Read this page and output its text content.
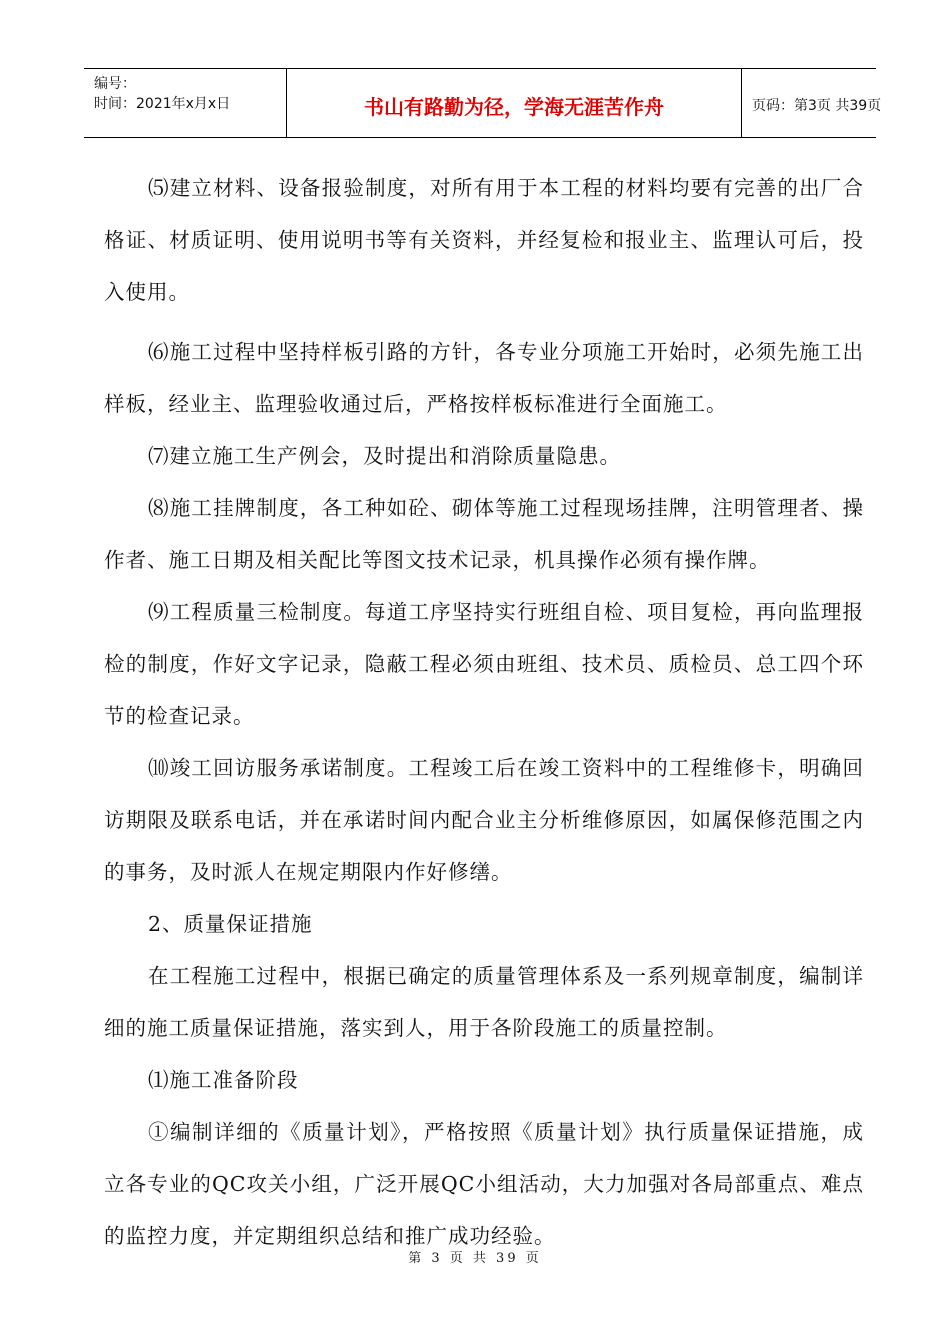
编号：
时间：2021年x月x日	书山有路勤为径，学海无涯苦作舟	页码：第3页 共39页

⑸建立材料、设备报验制度，对所有用于本工程的材料均要有完善的出厂合格证、材质证明、使用说明书等有关资料，并经复检和报业主、监理认可后，投入使用。

⑹施工过程中坚持样板引路的方针，各专业分项施工开始时，必须先施工出样板，经业主、监理验收通过后，严格按样板标准进行全面施工。

⑺建立施工生产例会，及时提出和消除质量隐患。

⑻施工挂牌制度，各工种如砼、砌体等施工过程现场挂牌，注明管理者、操作者、施工日期及相关配比等图文技术记录，机具操作必须有操作牌。

⑼工程质量三检制度。每道工序坚持实行班组自检、项目复检，再向监理报检的制度，作好文字记录，隐蔽工程必须由班组、技术员、质检员、总工四个环节的检查记录。

⑽竣工回访服务承诺制度。工程竣工后在竣工资料中的工程维修卡，明确回访期限及联系电话，并在承诺时间内配合业主分析维修原因，如属保修范围之内的事务，及时派人在规定期限内作好修缮。

2、质量保证措施

在工程施工过程中，根据已确定的质量管理体系及一系列规章制度，编制详细的施工质量保证措施，落实到人，用于各阶段施工的质量控制。

⑴施工准备阶段

①编制详细的《质量计划》，严格按照《质量计划》执行质量保证措施，成立各专业的QC攻关小组，广泛开展QC小组活动，大力加强对各局部重点、难点的监控力度，并定期组织总结和推广成功经验。

第 3 页 共 39 页
